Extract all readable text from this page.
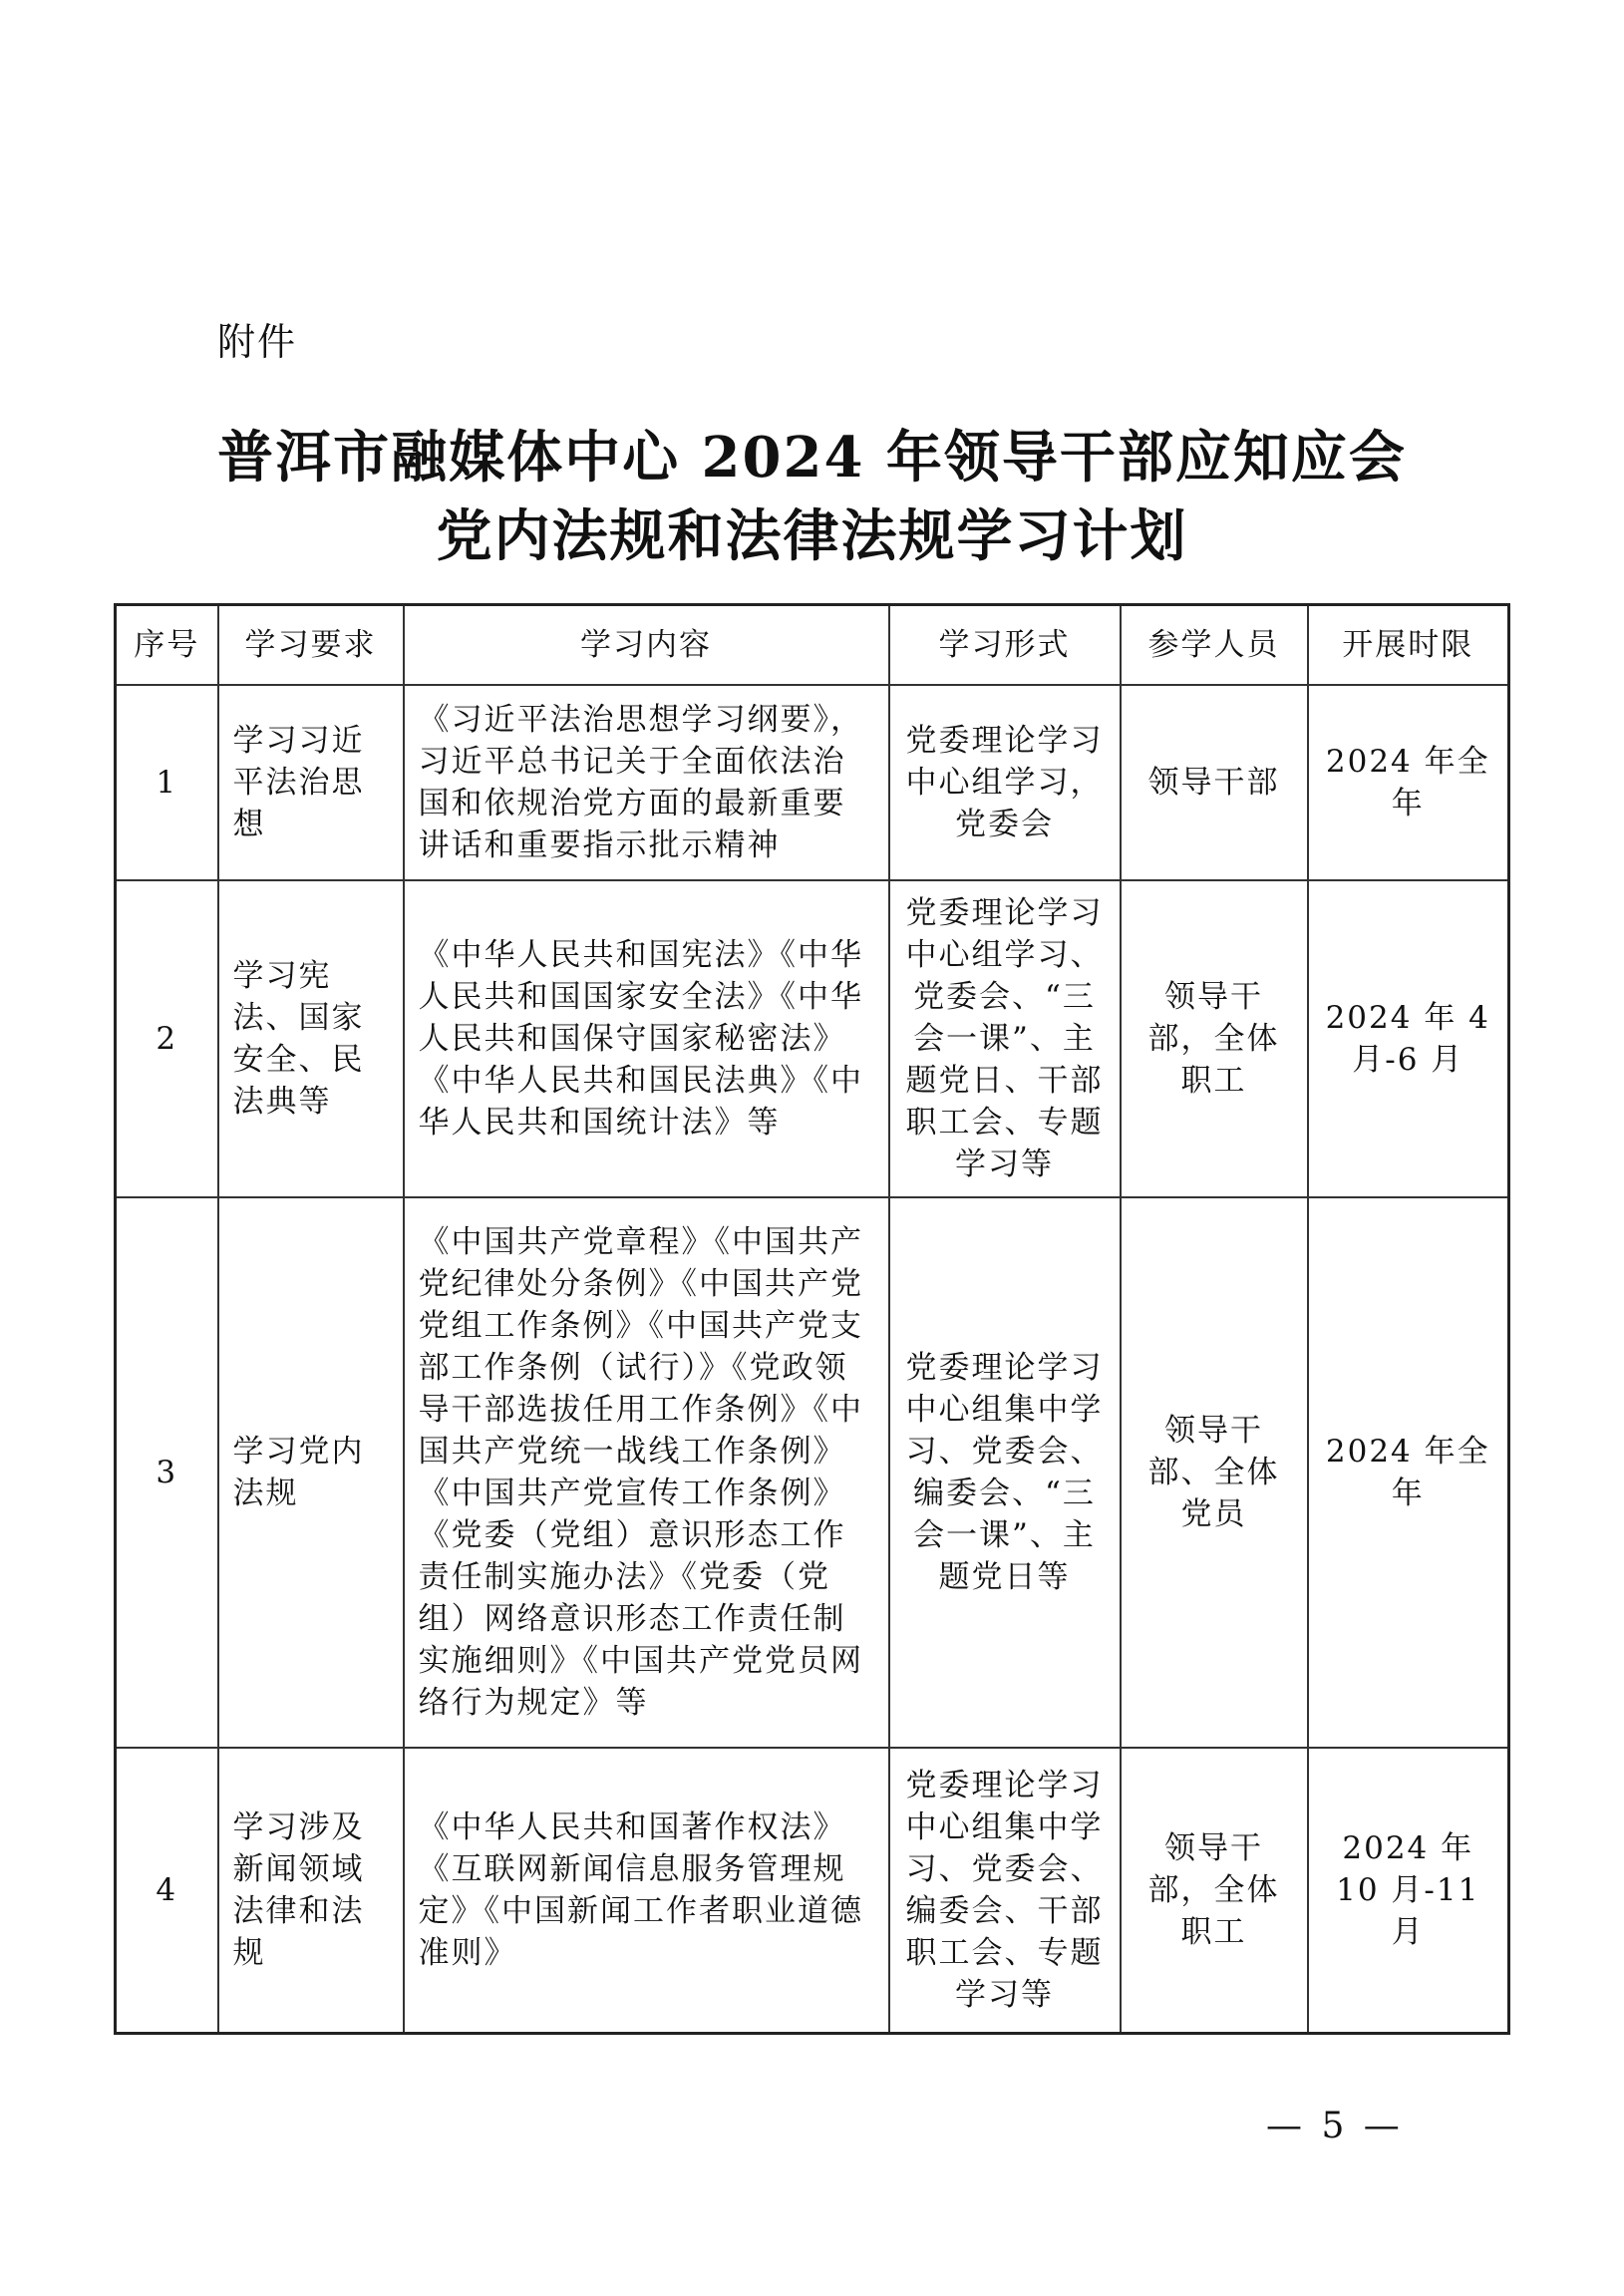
附件
普洱市融媒体中心 2024 年领导干部应知应会
党内法规和法律法规学习计划
序号	学习要求	学习内容	学习形式	参学人员	开展时限
1	学习习近平法治思想	《习近平法治思想学习纲要》，习近平总书记关于全面依法治国和依规治党方面的最新重要讲话和重要指示批示精神	党委理论学习中心组学习，党委会	领导干部	2024 年全年
2	学习宪法、国家安全、民法典等	《中华人民共和国宪法》《中华人民共和国国家安全法》《中华人民共和国保守国家秘密法》《中华人民共和国民法典》《中华人民共和国统计法》等	党委理论学习中心组学习、党委会、“三会一课”、主题党日、干部职工会、专题学习等	领导干部，全体职工	2024 年 4 月-6 月
3	学习党内法规	《中国共产党章程》《中国共产党纪律处分条例》《中国共产党党组工作条例》《中国共产党支部工作条例（试行）》《党政领导干部选拔任用工作条例》《中国共产党统一战线工作条例》《中国共产党宣传工作条例》《党委（党组）意识形态工作责任制实施办法》《党委（党组）网络意识形态工作责任制实施细则》《中国共产党党员网络行为规定》等	党委理论学习中心组集中学习、党委会、编委会、“三会一课”、主题党日等	领导干部、全体党员	2024 年全年
4	学习涉及新闻领域法律和法规	《中华人民共和国著作权法》《互联网新闻信息服务管理规定》《中国新闻工作者职业道德准则》	党委理论学习中心组集中学习、党委会、编委会、干部职工会、专题学习等	领导干部，全体职工	2024 年 10 月-11 月
— 5 —
